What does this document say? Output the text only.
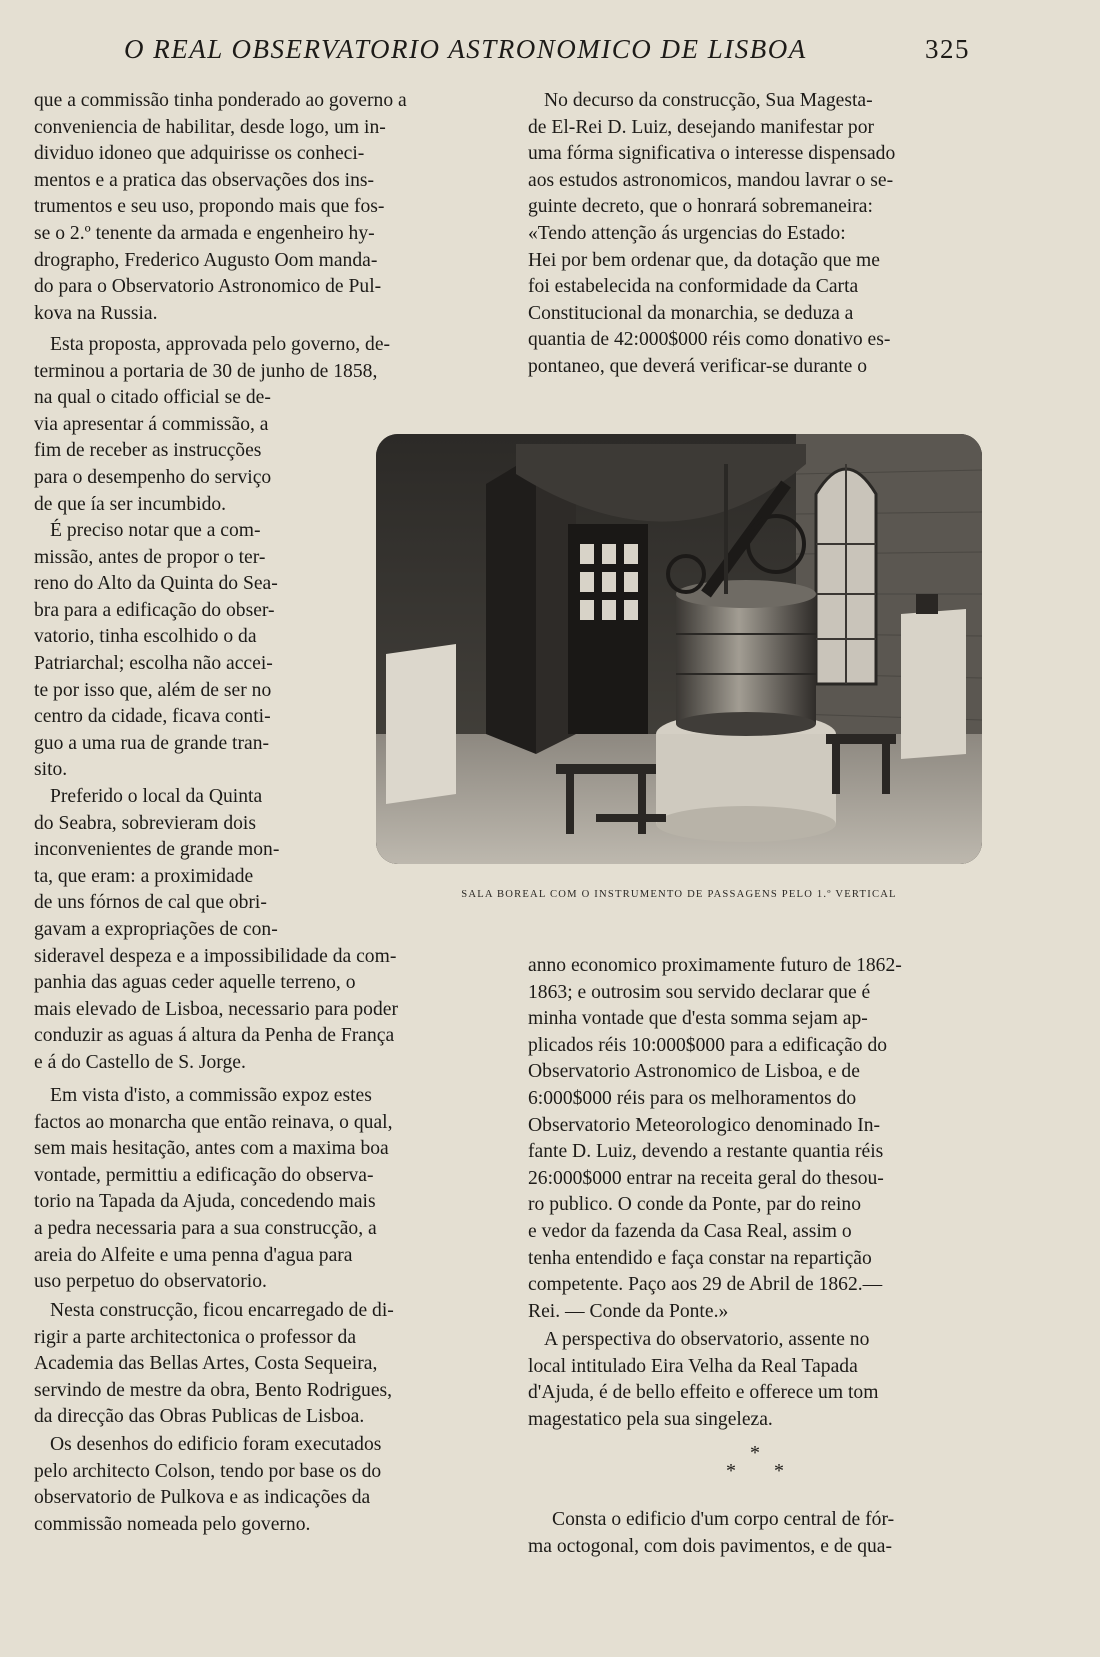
O REAL OBSERVATORIO ASTRONOMICO DE LISBOA	325

que a commissão tinha ponderado ao governo a
conveniencia de habilitar, desde logo, um in-
dividuo idoneo que adquirisse os conheci-
mentos e a pratica das observações dos ins-
trumentos e seu uso, propondo mais que fos-
se o 2.º tenente da armada e engenheiro hy-
drographo, Frederico Augusto Oom manda-
do para o Observatorio Astronomico de Pul-
kova na Russia.

Esta proposta, approvada pelo governo, de-
terminou a portaria de 30 de junho de 1858,
na qual o citado official se de-
via apresentar á commissão, a
fim de receber as instrucções
para o desempenho do serviço
de que ía ser incumbido.

É preciso notar que a com-
missão, antes de propor o ter-
reno do Alto da Quinta do Sea-
bra para a edificação do obser-
vatorio, tinha escolhido o da
Patriarchal; escolha não accei-
te por isso que, além de ser no
centro da cidade, ficava conti-
guo a uma rua de grande tran-
sito.

Preferido o local da Quinta
do Seabra, sobrevieram dois
inconvenientes de grande mon-
ta, que eram: a proximidade
de uns fórnos de cal que obri-
gavam a expropriações de con-
sideravel despeza e a impossibilidade da com-
panhia das aguas ceder aquelle terreno, o
mais elevado de Lisboa, necessario para poder
conduzir as aguas á altura da Penha de França
e á do Castello de S. Jorge.

Em vista d'isto, a commissão expoz estes
factos ao monarcha que então reinava, o qual,
sem mais hesitação, antes com a maxima boa
vontade, permittiu a edificação do observa-
torio na Tapada da Ajuda, concedendo mais
a pedra necessaria para a sua construcção, a
areia do Alfeite e uma penna d'agua para
uso perpetuo do observatorio.

Nesta construcção, ficou encarregado de di-
rigir a parte architectonica o professor da
Academia das Bellas Artes, Costa Sequeira,
servindo de mestre da obra, Bento Rodrigues,
da direcção das Obras Publicas de Lisboa.

Os desenhos do edificio foram executados
pelo architecto Colson, tendo por base os do
observatorio de Pulkova e as indicações da
commissão nomeada pelo governo.

No decurso da construcção, Sua Magesta-
de El-Rei D. Luiz, desejando manifestar por
uma fórma significativa o interesse dispensado
aos estudos astronomicos, mandou lavrar o se-
guinte decreto, que o honrará sobremaneira:
«Tendo attenção ás urgencias do Estado:
Hei por bem ordenar que, da dotação que me
foi estabelecida na conformidade da Carta
Constitucional da monarchia, se deduza a
quantia de 42:000$000 réis como donativo es-
pontaneo, que deverá verificar-se durante o

SALA BOREAL COM O INSTRUMENTO DE PASSAGENS PELO 1.º VERTICAL

anno economico proximamente futuro de 1862-
1863; e outrosim sou servido declarar que é
minha vontade que d'esta somma sejam ap-
plicados réis 10:000$000 para a edificação do
Observatorio Astronomico de Lisboa, e de
6:000$000 réis para os melhoramentos do
Observatorio Meteorologico denominado In-
fante D. Luiz, devendo a restante quantia réis
26:000$000 entrar na receita geral do thesou-
ro publico. O conde da Ponte, par do reino
e vedor da fazenda da Casa Real, assim o
tenha entendido e faça constar na repartição
competente. Paço aos 29 de Abril de 1862.—
Rei. — Conde da Ponte.»

A perspectiva do observatorio, assente no
local intitulado Eira Velha da Real Tapada
d'Ajuda, é de bello effeito e offerece um tom
magestatico pela sua singeleza.

*
* *

Consta o edificio d'um corpo central de fór-
ma octogonal, com dois pavimentos, e de qua-
